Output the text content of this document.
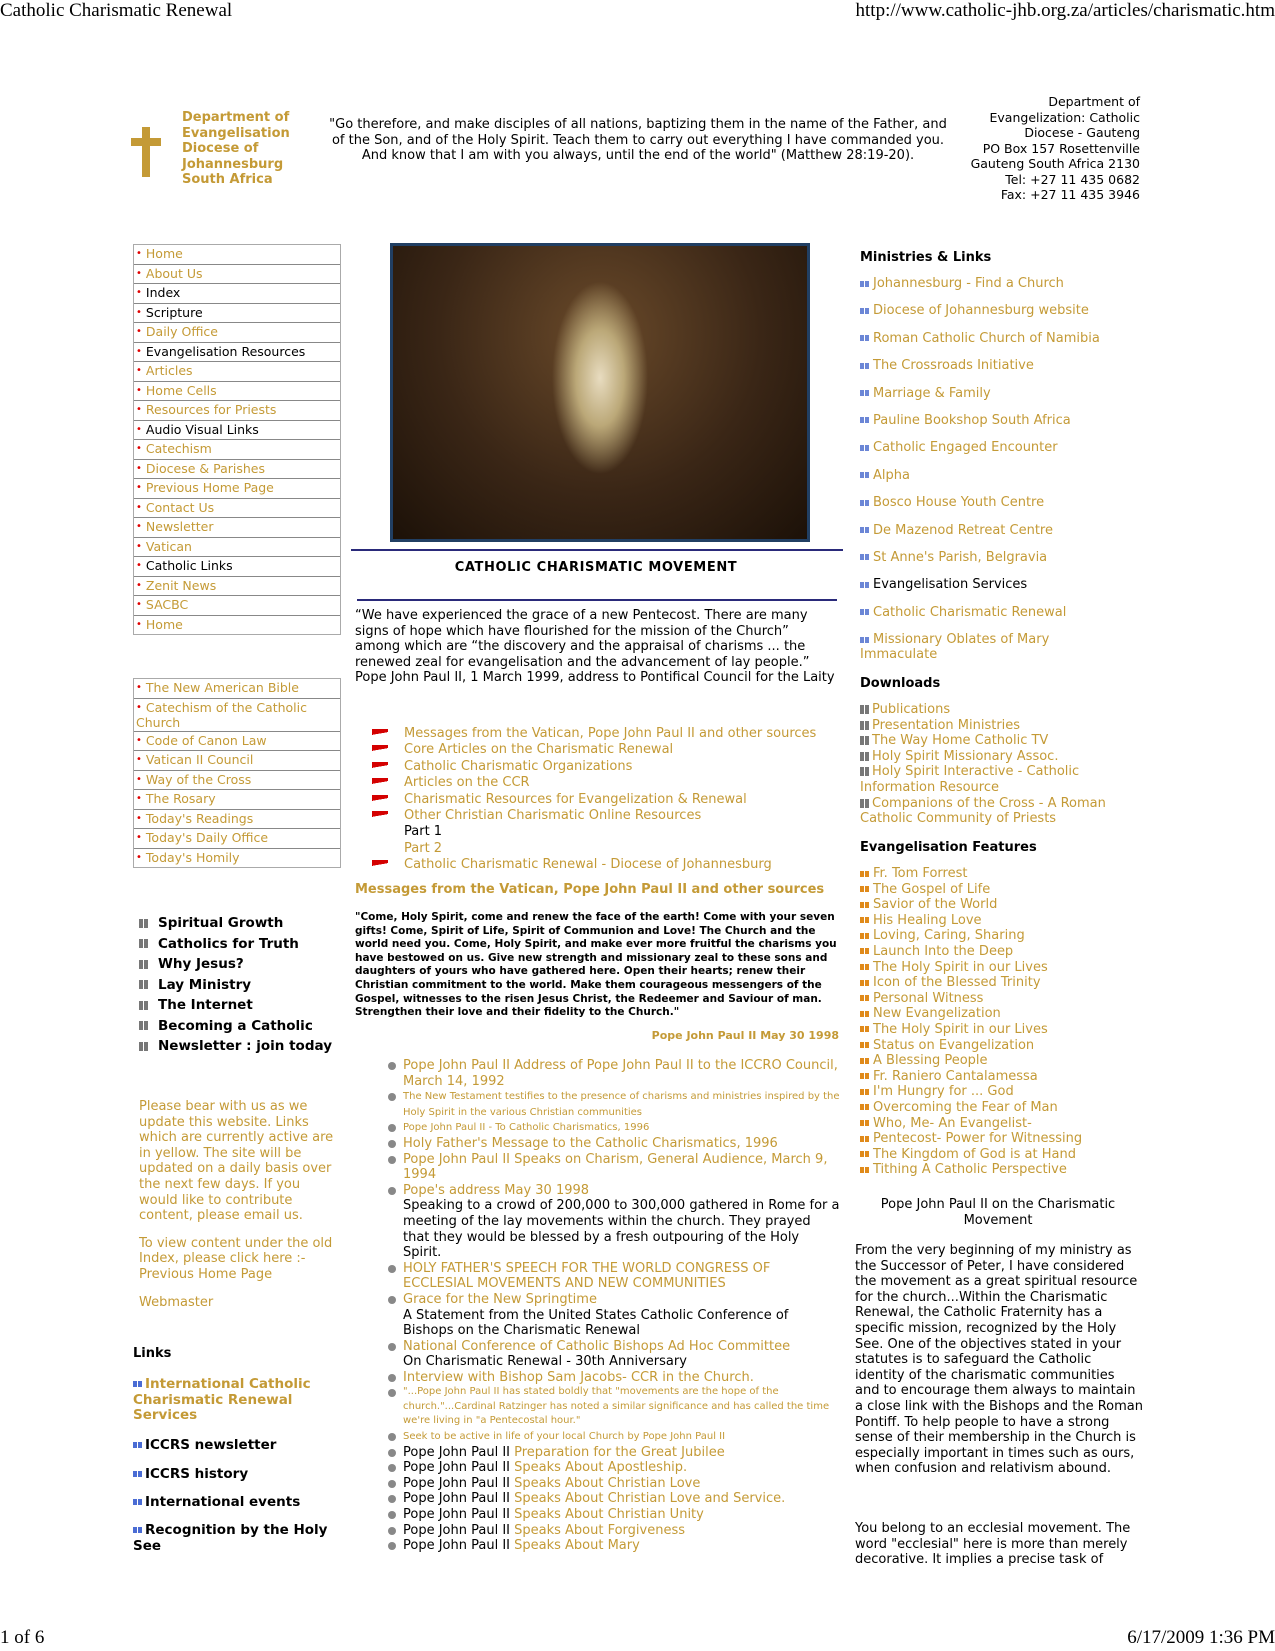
Catholic Charismatic Renewal	http://www.catholic-jhb.org.za/articles/charismatic.htm
Department of
Evangelisation
Diocese of
Johannesburg
South Africa
"Go therefore, and make disciples of all nations, baptizing them in the name of the Father, and of the Son, and of the Holy Spirit. Teach them to carry out everything I have commanded you. And know that I am with you always, until the end of the world" (Matthew 28:19-20).
Department of
Evangelization: Catholic
Diocese - Gauteng
PO Box 157 Rosettenville
Gauteng South Africa 2130
Tel: +27 11 435 0682
Fax: +27 11 435 3946
• Home
• About Us
• Index
• Scripture
• Daily Office
• Evangelisation Resources
• Articles
• Home Cells
• Resources for Priests
• Audio Visual Links
• Catechism
• Diocese & Parishes
• Previous Home Page
• Contact Us
• Newsletter
• Vatican
• Catholic Links
• Zenit News
• SACBC
• Home
• The New American Bible
• Catechism of the Catholic Church
• Code of Canon Law
• Vatican II Council
• Way of the Cross
• The Rosary
• Today's Readings
• Today's Daily Office
• Today's Homily
Spiritual Growth
Catholics for Truth
Why Jesus?
Lay Ministry
The Internet
Becoming a Catholic
Newsletter : join today
Please bear with us as we update this website. Links which are currently active are in yellow. The site will be updated on a daily basis over the next few days. If you would like to contribute content, please email us.
To view content under the old Index, please click here :- Previous Home Page
Webmaster
Links
International Catholic Charismatic Renewal Services
ICCRS newsletter
ICCRS history
International events
Recognition by the Holy See
CATHOLIC CHARISMATIC MOVEMENT
“We have experienced the grace of a new Pentecost. There are many signs of hope which have flourished for the mission of the Church” among which are “the discovery and the appraisal of charisms ... the renewed zeal for evangelisation and the advancement of lay people.” Pope John Paul II, 1 March 1999, address to Pontifical Council for the Laity
Messages from the Vatican, Pope John Paul II and other sources
Core Articles on the Charismatic Renewal
Catholic Charismatic Organizations
Articles on the CCR
Charismatic Resources for Evangelization & Renewal
Other Christian Charismatic Online Resources
Part 1
Part 2
Catholic Charismatic Renewal - Diocese of Johannesburg
Messages from the Vatican, Pope John Paul II and other sources
"Come, Holy Spirit, come and renew the face of the earth! Come with your seven gifts! Come, Spirit of Life, Spirit of Communion and Love! The Church and the world need you. Come, Holy Spirit, and make ever more fruitful the charisms you have bestowed on us. Give new strength and missionary zeal to these sons and daughters of yours who have gathered here. Open their hearts; renew their Christian commitment to the world. Make them courageous messengers of the Gospel, witnesses to the risen Jesus Christ, the Redeemer and Saviour of man. Strengthen their love and their fidelity to the Church."
Pope John Paul II May 30 1998
Pope John Paul II Address of Pope John Paul II to the ICCRO Council, March 14, 1992
The New Testament testifies to the presence of charisms and ministries inspired by the Holy Spirit in the various Christian communities
Pope John Paul II - To Catholic Charismatics, 1996
Holy Father's Message to the Catholic Charismatics, 1996
Pope John Paul II Speaks on Charism, General Audience, March 9, 1994
Pope's address May 30 1998
Speaking to a crowd of 200,000 to 300,000 gathered in Rome for a meeting of the lay movements within the church. They prayed that they would be blessed by a fresh outpouring of the Holy Spirit.
HOLY FATHER'S SPEECH FOR THE WORLD CONGRESS OF ECCLESIAL MOVEMENTS AND NEW COMMUNITIES
Grace for the New Springtime
A Statement from the United States Catholic Conference of Bishops on the Charismatic Renewal
National Conference of Catholic Bishops Ad Hoc Committee
On Charismatic Renewal - 30th Anniversary
Interview with Bishop Sam Jacobs- CCR in the Church.
"...Pope John Paul II has stated boldly that "movements are the hope of the church."...Cardinal Ratzinger has noted a similar significance and has called the time we're living in "a Pentecostal hour."
Seek to be active in life of your local Church by Pope John Paul II
Pope John Paul II Preparation for the Great Jubilee
Pope John Paul II Speaks About Apostleship.
Pope John Paul II Speaks About Christian Love
Pope John Paul II Speaks About Christian Love and Service.
Pope John Paul II Speaks About Christian Unity
Pope John Paul II Speaks About Forgiveness
Pope John Paul II Speaks About Mary
Ministries & Links
Johannesburg - Find a Church
Diocese of Johannesburg website
Roman Catholic Church of Namibia
The Crossroads Initiative
Marriage & Family
Pauline Bookshop South Africa
Catholic Engaged Encounter
Alpha
Bosco House Youth Centre
De Mazenod Retreat Centre
St Anne's Parish, Belgravia
Evangelisation Services
Catholic Charismatic Renewal
Missionary Oblates of Mary Immaculate
Downloads
Publications
Presentation Ministries
The Way Home Catholic TV
Holy Spirit Missionary Assoc.
Holy Spirit Interactive - Catholic Information Resource
Companions of the Cross - A Roman Catholic Community of Priests
Evangelisation Features
Fr. Tom Forrest
The Gospel of Life
Savior of the World
His Healing Love
Loving, Caring, Sharing
Launch Into the Deep
The Holy Spirit in our Lives
Icon of the Blessed Trinity
Personal Witness
New Evangelization
The Holy Spirit in our Lives
Status on Evangelization
A Blessing People
Fr. Raniero Cantalamessa
I'm Hungry for ... God
Overcoming the Fear of Man
Who, Me- An Evangelist-
Pentecost- Power for Witnessing
The Kingdom of God is at Hand
Tithing A Catholic Perspective
Pope John Paul II on the Charismatic Movement
From the very beginning of my ministry as the Successor of Peter, I have considered the movement as a great spiritual resource for the church...Within the Charismatic Renewal, the Catholic Fraternity has a specific mission, recognized by the Holy See. One of the objectives stated in your statutes is to safeguard the Catholic identity of the charismatic communities and to encourage them always to maintain a close link with the Bishops and the Roman Pontiff. To help people to have a strong sense of their membership in the Church is especially important in times such as ours, when confusion and relativism abound.
You belong to an ecclesial movement. The word "ecclesial" here is more than merely decorative. It implies a precise task of
1 of 6	6/17/2009 1:36 PM
